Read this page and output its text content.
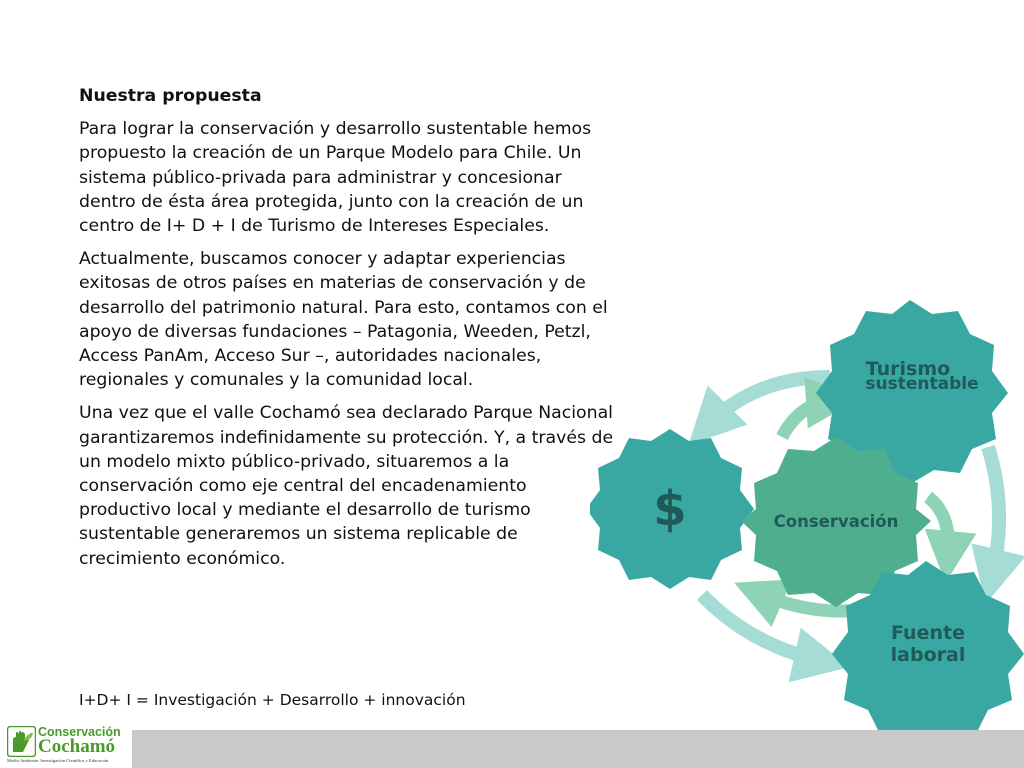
Nuestra propuesta

Para lograr la conservación y desarrollo sustentable hemos propuesto la creación de un Parque Modelo para Chile. Un sistema público-privada para administrar y concesionar dentro de ésta área protegida, junto con la creación de un centro de I+ D + I de Turismo de Intereses Especiales.

Actualmente, buscamos conocer y adaptar experiencias exitosas de otros países en materias de conservación y de desarrollo del patrimonio natural. Para esto, contamos con el apoyo de diversas fundaciones – Patagonia, Weeden, Petzl, Access PanAm, Acceso Sur –, autoridades nacionales, regionales y comunales y la comunidad local.

Una vez que el valle Cochamó sea declarado Parque Nacional garantizaremos indefinidamente su protección. Y, a través de un modelo mixto público-privado, situaremos a la conservación como eje central del encadenamiento productivo local y mediante el desarrollo de turismo sustentable generaremos un sistema replicable de crecimiento económico.

I+D+ I = Investigación + Desarrollo + innovación
Turismo
sustentable
$	Conservación
Fuente
laboral
Conservación
Cochamó
Medio Ambiente, Investigación Científica y Educación
